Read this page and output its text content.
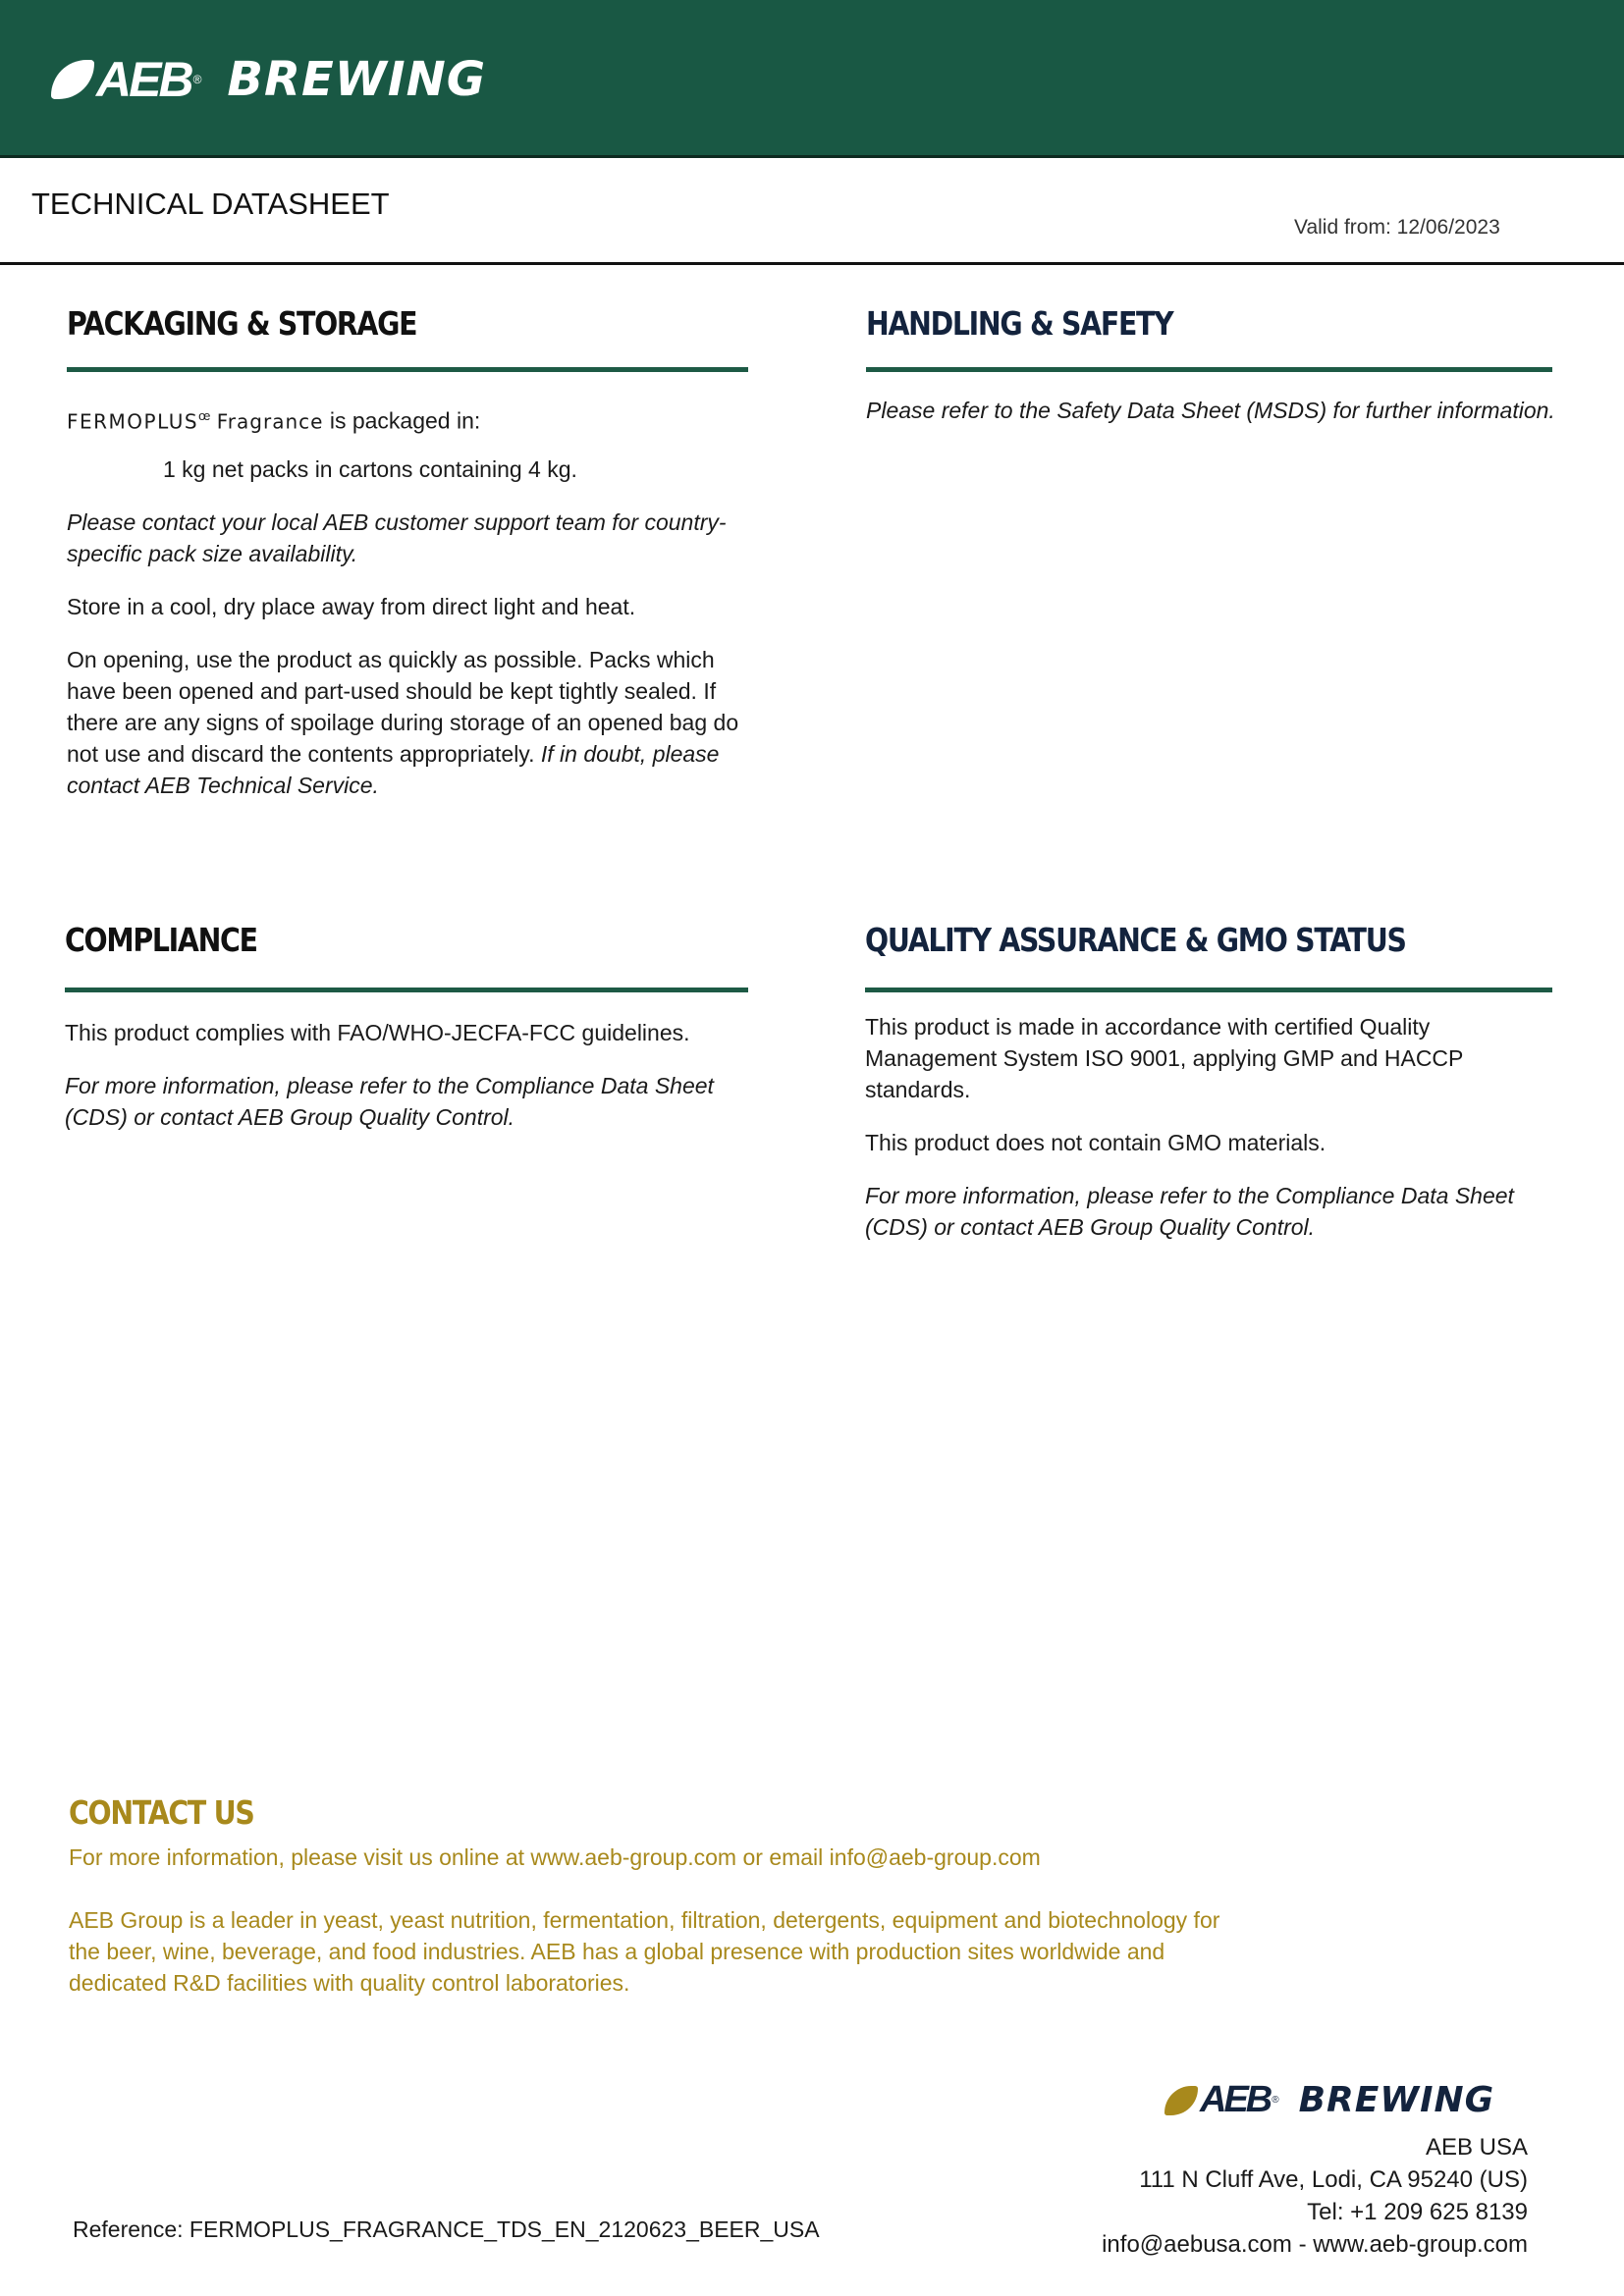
AEB ® BREWING
TECHNICAL DATASHEET
Valid from: 12/06/2023
PACKAGING & STORAGE
$FERMOPLUS^œ$ Fragrance is packaged in:
1 kg net packs in cartons containing 4 kg.
Please contact your local AEB customer support team for country-specific pack size availability.
Store in a cool, dry place away from direct light and heat.
On opening, use the product as quickly as possible. Packs which have been opened and part-used should be kept tightly sealed. If there are any signs of spoilage during storage of an opened bag do not use and discard the contents appropriately. If in doubt, please contact AEB Technical Service.
HANDLING & SAFETY
Please refer to the Safety Data Sheet (MSDS) for further information.
COMPLIANCE
This product complies with FAO/WHO-JECFA-FCC guidelines.
For more information, please refer to the Compliance Data Sheet (CDS) or contact AEB Group Quality Control.
QUALITY ASSURANCE & GMO STATUS
This product is made in accordance with certified Quality Management System ISO 9001, applying GMP and HACCP standards.
This product does not contain GMO materials.
For more information, please refer to the Compliance Data Sheet (CDS) or contact AEB Group Quality Control.
CONTACT US
For more information, please visit us online at www.aeb-group.com or email info@aeb-group.com
AEB Group is a leader in yeast, yeast nutrition, fermentation, filtration, detergents, equipment and biotechnology for the beer, wine, beverage, and food industries. AEB has a global presence with production sites worldwide and dedicated R&D facilities with quality control laboratories.
AEB ® BREWING
AEB USA
111 N Cluff Ave, Lodi, CA 95240 (US)
Tel: +1 209 625 8139
info@aebusa.com - www.aeb-group.com
Reference: FERMOPLUS_FRAGRANCE_TDS_EN_2120623_BEER_USA
